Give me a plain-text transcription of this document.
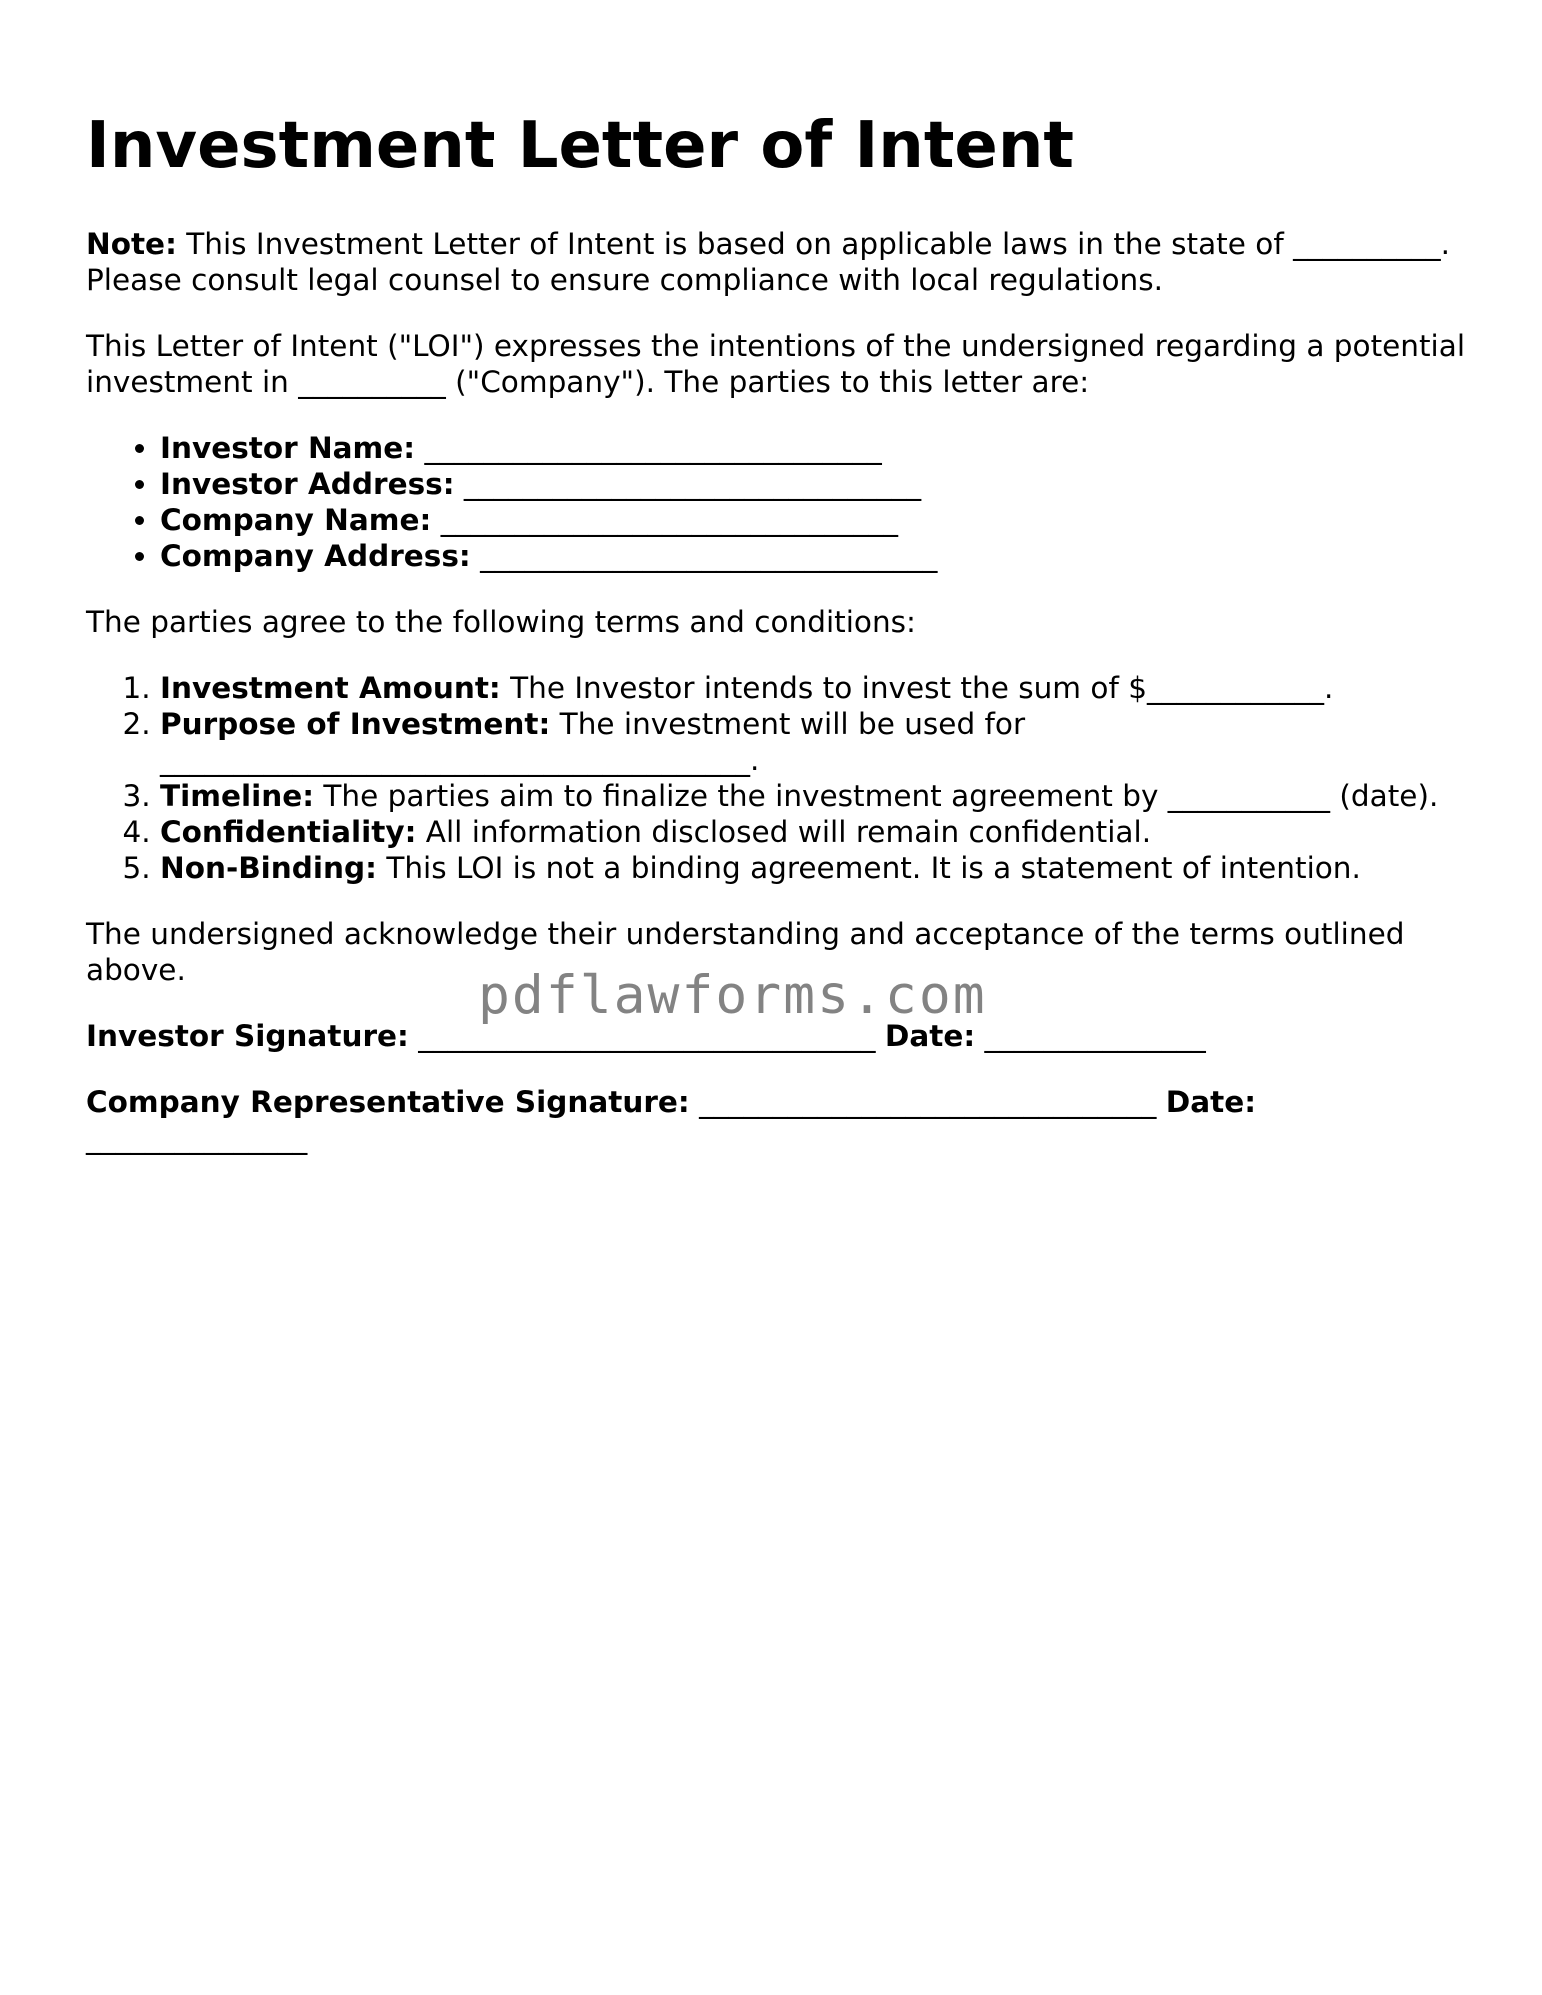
Investment Letter of Intent

Note: This Investment Letter of Intent is based on applicable laws in the state of __________. Please consult legal counsel to ensure compliance with local regulations.

This Letter of Intent ("LOI") expresses the intentions of the undersigned regarding a potential investment in __________ ("Company"). The parties to this letter are:

• Investor Name: _______________________________
• Investor Address: _______________________________
• Company Name: _______________________________
• Company Address: _______________________________

The parties agree to the following terms and conditions:

1. Investment Amount: The Investor intends to invest the sum of $____________.
2. Purpose of Investment: The investment will be used for ________________________________________.
3. Timeline: The parties aim to finalize the investment agreement by ___________ (date).
4. Confidentiality: All information disclosed will remain confidential.
5. Non-Binding: This LOI is not a binding agreement. It is a statement of intention.

The undersigned acknowledge their understanding and acceptance of the terms outlined above.

Investor Signature: _______________________________ Date: _______________

Company Representative Signature: _______________________________ Date: _______________

pdflawforms.com
